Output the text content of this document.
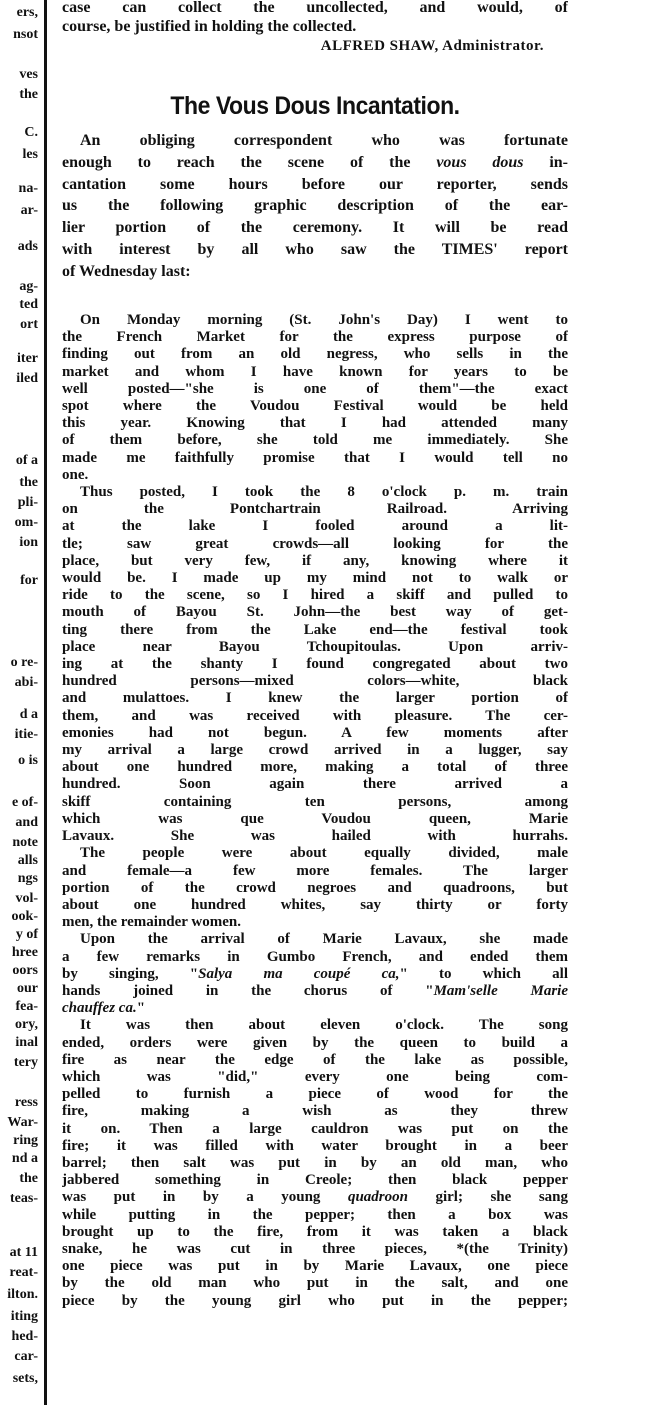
ers,
nsot
ves
the
C.
les
na-
ar-
ads
ag-
ted
ort
iter
iled
of a
the
pli-
om-
ion
for
o re-
abi-
d a
itie-
o is
e of-
and
note
alls
ngs
vol-
ook-
y of
hree
oors
our
fea-
ory,
inal
tery
ress
War-
ring
nd a
the
teas-
at 11
reat-
ilton.
iting
hed-
car-
sets,
case can collect the uncollected, and would, of
course, be justified in holding the collected.
ALFRED SHAW, Administrator.
The Vous Dous Incantation.
An obliging correspondent who was fortunate
enough to reach the scene of the vous dous in-
cantation some hours before our reporter, sends
us the following graphic description of the ear-
lier portion of the ceremony. It will be read
with interest by all who saw the TIMES' report
of Wednesday last:
On Monday morning (St. John's Day) I went to
the French Market for the express purpose of
finding out from an old negress, who sells in the
market and whom I have known for years to be
well posted—"she is one of them"—the exact
spot where the Voudou Festival would be held
this year. Knowing that I had attended many
of them before, she told me immediately. She
made me faithfully promise that I would tell no
one.
Thus posted, I took the 8 o'clock p. m. train
on the Pontchartrain Railroad. Arriving
at the lake I fooled around a lit-
tle; saw great crowds—all looking for the
place, but very few, if any, knowing where it
would be. I made up my mind not to walk or
ride to the scene, so I hired a skiff and pulled to
mouth of Bayou St. John—the best way of get-
ting there from the Lake end—the festival took
place near Bayou Tchoupitoulas. Upon arriv-
ing at the shanty I found congregated about two
hundred persons—mixed colors—white, black
and mulattoes. I knew the larger portion of
them, and was received with pleasure. The cer-
emonies had not begun. A few moments after
my arrival a large crowd arrived in a lugger, say
about one hundred more, making a total of three
hundred. Soon again there arrived a
skiff containing ten persons, among
which was que Voudou queen, Marie
Lavaux. She was hailed with hurrahs.
The people were about equally divided, male
and female—a few more females. The larger
portion of the crowd negroes and quadroons, but
about one hundred whites, say thirty or forty
men, the remainder women.
Upon the arrival of Marie Lavaux, she made
a few remarks in Gumbo French, and ended them
by singing, "Salya ma coupé ca," to which all
hands joined in the chorus of "Mam'selle Marie
chauffez ca."
It was then about eleven o'clock. The song
ended, orders were given by the queen to build a
fire as near the edge of the lake as possible,
which was "did," every one being com-
pelled to furnish a piece of wood for the
fire, making a wish as they threw
it on. Then a large cauldron was put on the
fire; it was filled with water brought in a beer
barrel; then salt was put in by an old man, who
jabbered something in Creole; then black pepper
was put in by a young quadroon girl; she sang
while putting in the pepper; then a box was
brought up to the fire, from it was taken a black
snake, he was cut in three pieces, *(the Trinity)
one piece was put in by Marie Lavaux, one piece
by the old man who put in the salt, and one
piece by the young girl who put in the pepper;
